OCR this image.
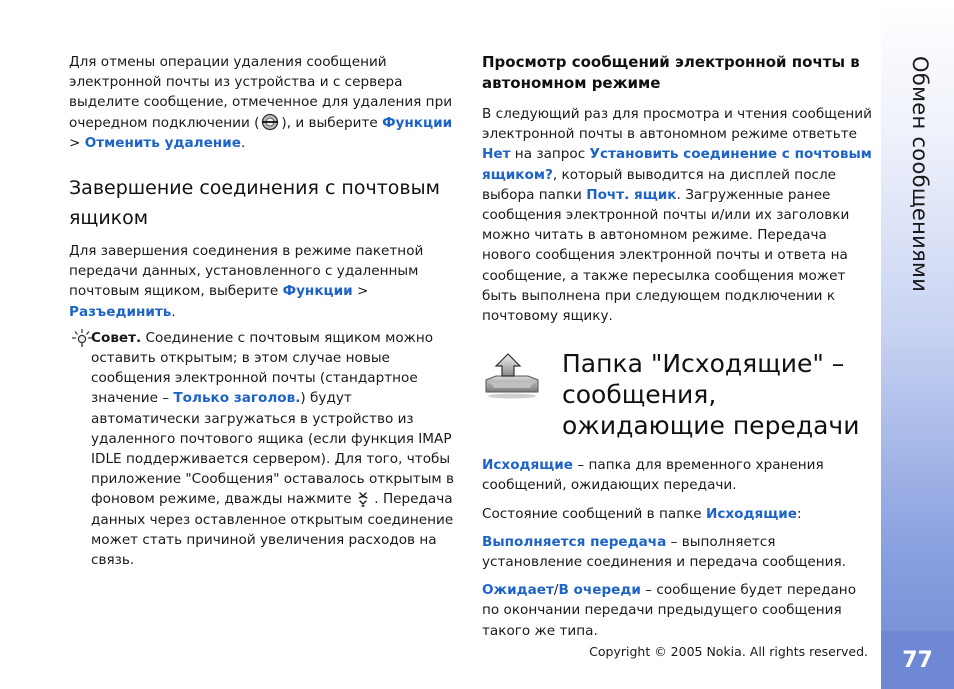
Для отмены операции удаления сообщений электронной почты из устройства и с сервера выделите сообщение, отмеченное для удаления при очередном подключении ( ), и выберите Функции > Отменить удаление.

Завершение соединения с почтовым ящиком

Для завершения соединения в режиме пакетной передачи данных, установленного с удаленным почтовым ящиком, выберите Функции > Разъединить.

Совет. Соединение с почтовым ящиком можно оставить открытым; в этом случае новые сообщения электронной почты (стандартное значение – Только заголов.) будут автоматически загружаться в устройство из удаленного почтового ящика (если функция IMAP IDLE поддерживается сервером). Для того, чтобы приложение "Сообщения" оставалось открытым в фоновом режиме, дважды нажмите  . Передача данных через оставленное открытым соединение может стать причиной увеличения расходов на связь.

Просмотр сообщений электронной почты в автономном режиме

В следующий раз для просмотра и чтения сообщений электронной почты в автономном режиме ответьте Нет на запрос Установить соединение с почтовым ящиком?, который выводится на дисплей после выбора папки Почт. ящик. Загруженные ранее сообщения электронной почты и/или их заголовки можно читать в автономном режиме. Передача нового сообщения электронной почты и ответа на сообщение, а также пересылка сообщения может быть выполнена при следующем подключении к почтовому ящику.

Папка "Исходящие" – сообщения, ожидающие передачи

Исходящие – папка для временного хранения сообщений, ожидающих передачи.

Состояние сообщений в папке Исходящие:

Выполняется передача – выполняется установление соединения и передача сообщения.

Ожидает/В очереди – сообщение будет передано по окончании передачи предыдущего сообщения такого же типа.

Copyright © 2005 Nokia. All rights reserved.
Обмен сообщениями
77
